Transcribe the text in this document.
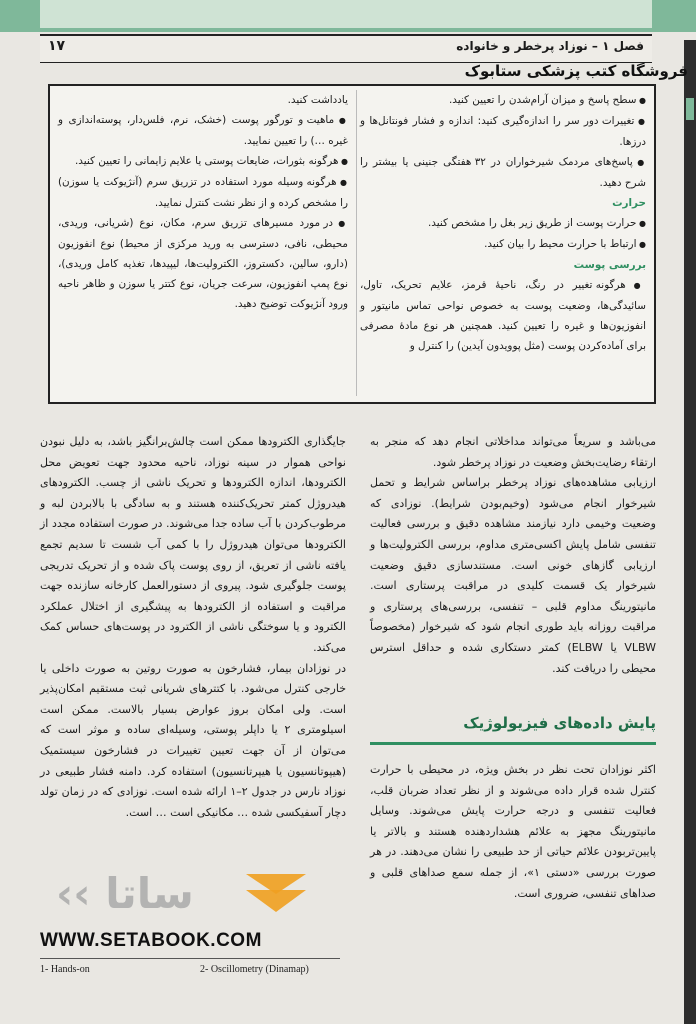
۱۷	فصل ۱ – نوزاد پرخطر و خانواده
فروشگاه کتب پزشکی ستابوک
● سطح پاسخ و میزان آرام‌شدن را تعیین کنید.
● تغییرات دور سر را اندازه‌گیری کنید: اندازه و فشار فونتانل‌ها و درزها.
● پاسخ‌های مردمک شیرخواران در ۳۲ هفتگی جنینی یا بیشتر را شرح دهید.
حرارت
● حرارت پوست از طریق زیر بغل را مشخص کنید.
● ارتباط با حرارت محیط را بیان کنید.
بررسی پوست
● هرگونه تغییر در رنگ، ناحیهٔ قرمز، علایم تحریک، تاول، سائیدگی‌ها، وضعیت پوست به خصوص نواحی تماس مانیتور و انفوزیون‌ها و غیره را تعیین کنید. همچنین هر نوع مادهٔ مصرفی برای آماده‌کردن پوست (مثل پوویدون آیدین) را کنترل و
یادداشت کنید.
● ماهیت و تورگور پوست (خشک، نرم، فلس‌دار، پوسته‌اندازی و غیره …) را تعیین نمایید.
● هرگونه بثورات، ضایعات پوستی یا علایم زایمانی را تعیین کنید.
● هرگونه وسیله مورد استفاده در تزریق سرم (آنژیوکت یا سوزن) را مشخص کرده و از نظر نشت کنترل نمایید.
● در مورد مسیرهای تزریق سرم، مکان، نوع (شریانی، وریدی، محیطی، نافی، دسترسی به ورید مرکزی از محیط) نوع انفوزیون (دارو، سالین، دکستروز، الکترولیت‌ها، لیپیدها، تغذیه کامل وریدی)، نوع پمپ انفوزیون، سرعت جریان، نوع کتتر یا سوزن و ظاهر ناحیه ورود آنژیوکت توضیح دهید.
می‌باشد و سریعاً می‌تواند مداخلاتی انجام دهد که منجر به ارتقاء رضایت‌بخش وضعیت در نوزاد پرخطر شود.
ارزیابی مشاهده‌های نوزاد پرخطر براساس شرایط و تحمل شیرخوار انجام می‌شود (وخیم‌بودن شرایط). نوزادی که وضعیت وخیمی دارد نیازمند مشاهده دقیق و بررسی فعالیت تنفسی شامل پایش اکسی‌متری مداوم، بررسی الکترولیت‌ها و ارزیابی گازهای خونی است. مستندسازی دقیق وضعیت شیرخوار یک قسمت کلیدی در مراقبت پرستاری است. مانیتورینگ مداوم قلبی – تنفسی، بررسی‌های پرستاری و مراقبت روزانه باید طوری انجام شود که شیرخوار (مخصوصاً VLBW یا ELBW) کمتر دستکاری شده و حداقل استرس محیطی را دریافت کند.
پایش داده‌های فیزیولوژیک
اکثر نوزادان تحت نظر در بخش ویژه، در محیطی با حرارت کنترل شده قرار داده می‌شوند و از نظر تعداد ضربان قلب، فعالیت تنفسی و درجه حرارت پایش می‌شوند. وسایل مانیتورینگ مجهز به علائم هشداردهنده هستند و بالاتر یا پایین‌تربودن علائم حیاتی از حد طبیعی را نشان می‌دهند. در هر صورت بررسی «دستی ۱»، از جمله سمع صداهای قلبی و صداهای تنفسی، ضروری است.
جایگذاری الکترودها ممکن است چالش‌برانگیز باشد، به دلیل نبودن نواحی هموار در سینه نوزاد، ناحیه محدود جهت تعویض محل الکترودها، اندازه الکترودها و تحریک ناشی از چسب. الکترودهای هیدروژل کمتر تحریک‌کننده هستند و به سادگی با بالابردن لبه و مرطوب‌کردن با آب ساده جدا می‌شوند. در صورت استفاده مجدد از الکترودها می‌توان هیدروژل را با کمی آب شست تا سدیم تجمع یافته ناشی از تعریق، از روی پوست پاک شده و از تحریک تدریجی پوست جلوگیری شود. پیروی از دستورالعمل کارخانه سازنده جهت مراقبت و استفاده از الکترودها به پیشگیری از اختلال عملکرد الکترود و یا سوختگی ناشی از الکترود در پوست‌های حساس کمک می‌کند.
در نوزادان بیمار، فشارخون به صورت روتین به صورت داخلی یا خارجی کنترل می‌شود. با کتترهای شریانی ثبت مستقیم امکان‌پذیر است. ولی امکان بروز عوارض بسیار بالاست. ممکن است اسیلومتری ۲ یا داپلر پوستی، وسیله‌ای ساده و موثر است که می‌توان از آن جهت تعیین تغییرات در فشارخون سیستمیک (هیپوتانسیون یا هیپرتانسیون) استفاده کرد. دامنه فشار طبیعی در نوزاد نارس در جدول ۲–۱ ارائه شده است. نوزادی که در زمان تولد دچار آسفیکسی شده … مکانیکی است … است.
‹‹ ‌ساتا
WWW.SETABOOK.COM
1- Hands-on	2- Oscillometry (Dinamap)
